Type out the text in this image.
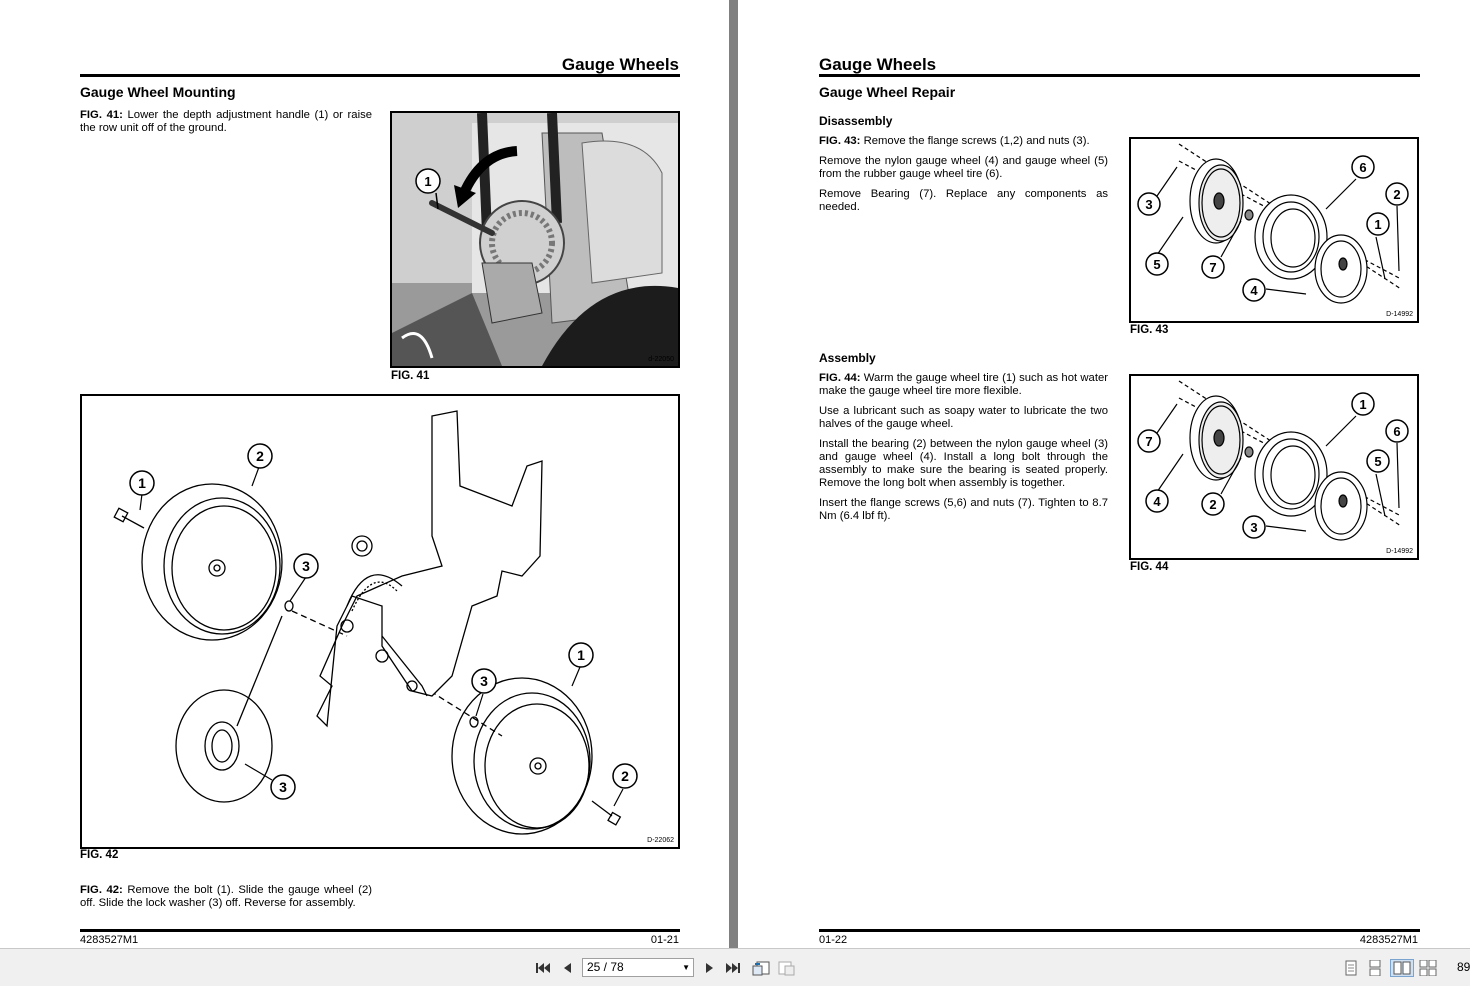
Gauge Wheels
Gauge Wheel Mounting
FIG. 41: Lower the depth adjustment handle (1) or raise the row unit off of the ground.
1
d-22050
FIG. 41
1
2
3
3
3
1
2
D-22062
FIG. 42
FIG. 42: Remove the bolt (1). Slide the gauge wheel (2) off. Slide the lock washer (3) off. Reverse for assembly.
4283527M1	01-21
Gauge Wheels
Gauge Wheel Repair
Disassembly

FIG. 43: Remove the flange screws (1,2) and nuts (3).

Remove the nylon gauge wheel (4) and gauge wheel (5) from the rubber gauge wheel tire (6).

Remove Bearing (7). Replace any components as needed.

6
2
3
1
5	7
4
D-14992
FIG. 43
Assembly

FIG. 44: Warm the gauge wheel tire (1) such as hot water make the gauge wheel tire more flexible.

Use a lubricant such as soapy water to lubricate the two halves of the gauge wheel.

Install the bearing (2) between the nylon gauge wheel (3) and gauge wheel (4). Install a long bolt through the assembly to make sure the bearing is seated properly. Remove the long bolt when assembly is together.

Insert the flange screws (5,6) and nuts (7). Tighten to 8.7 Nm (6.4 lbf ft).

1
7
6
5
4	2
3
D-14992
FIG. 44
01-22	4283527M1
25 / 78	▼	89
